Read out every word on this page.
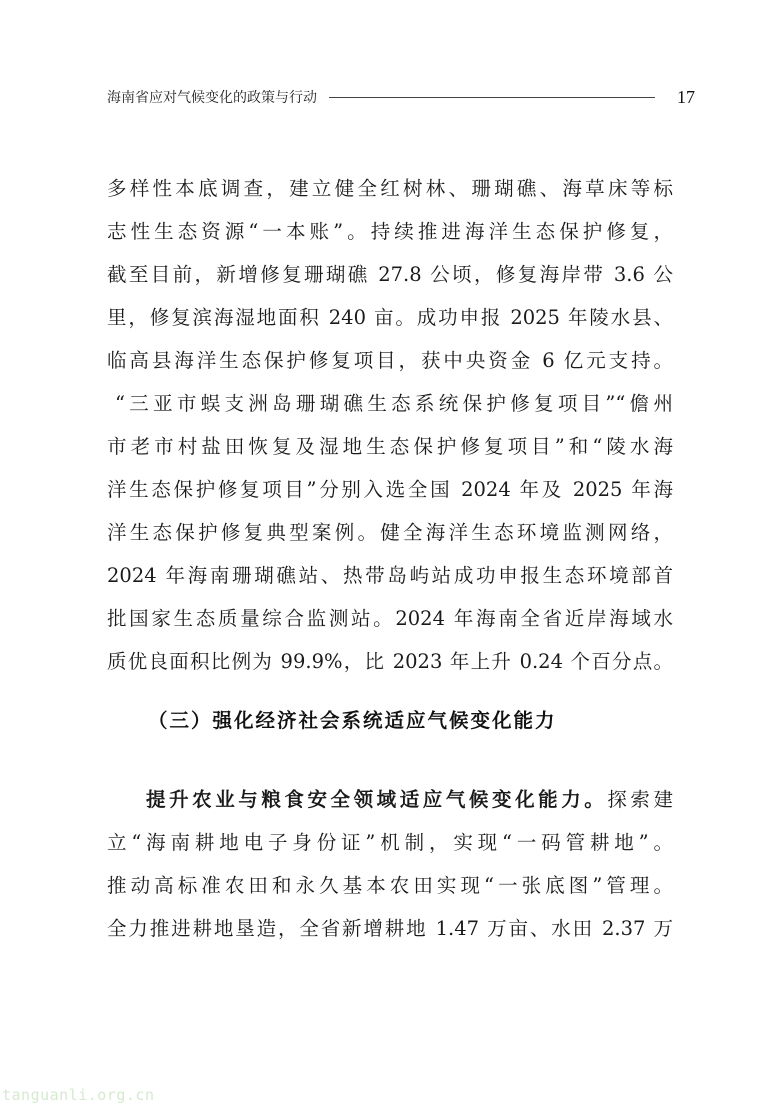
海南省应对气候变化的政策与行动	17
多样性本底调查，建立健全红树林、珊瑚礁、海草床等标
志性生态资源“一本账”。持续推进海洋生态保护修复，
截至目前，新增修复珊瑚礁 27.8 公顷，修复海岸带 3.6 公
里，修复滨海湿地面积 240 亩。成功申报 2025 年陵水县、
临高县海洋生态保护修复项目，获中央资金 6 亿元支持。
“三亚市蜈支洲岛珊瑚礁生态系统保护修复项目”“儋州
市老市村盐田恢复及湿地生态保护修复项目”和“陵水海
洋生态保护修复项目”分别入选全国 2024 年及 2025 年海
洋生态保护修复典型案例。健全海洋生态环境监测网络，
2024 年海南珊瑚礁站、热带岛屿站成功申报生态环境部首
批国家生态质量综合监测站。2024 年海南全省近岸海域水
质优良面积比例为 99.9%，比 2023 年上升 0.24 个百分点。
（三）强化经济社会系统适应气候变化能力
提升农业与粮食安全领域适应气候变化能力。探索建
立“海南耕地电子身份证”机制，实现“一码管耕地”。
推动高标准农田和永久基本农田实现“一张底图”管理。
全力推进耕地垦造，全省新增耕地 1.47 万亩、水田 2.37 万
tanguanli.org.cn
